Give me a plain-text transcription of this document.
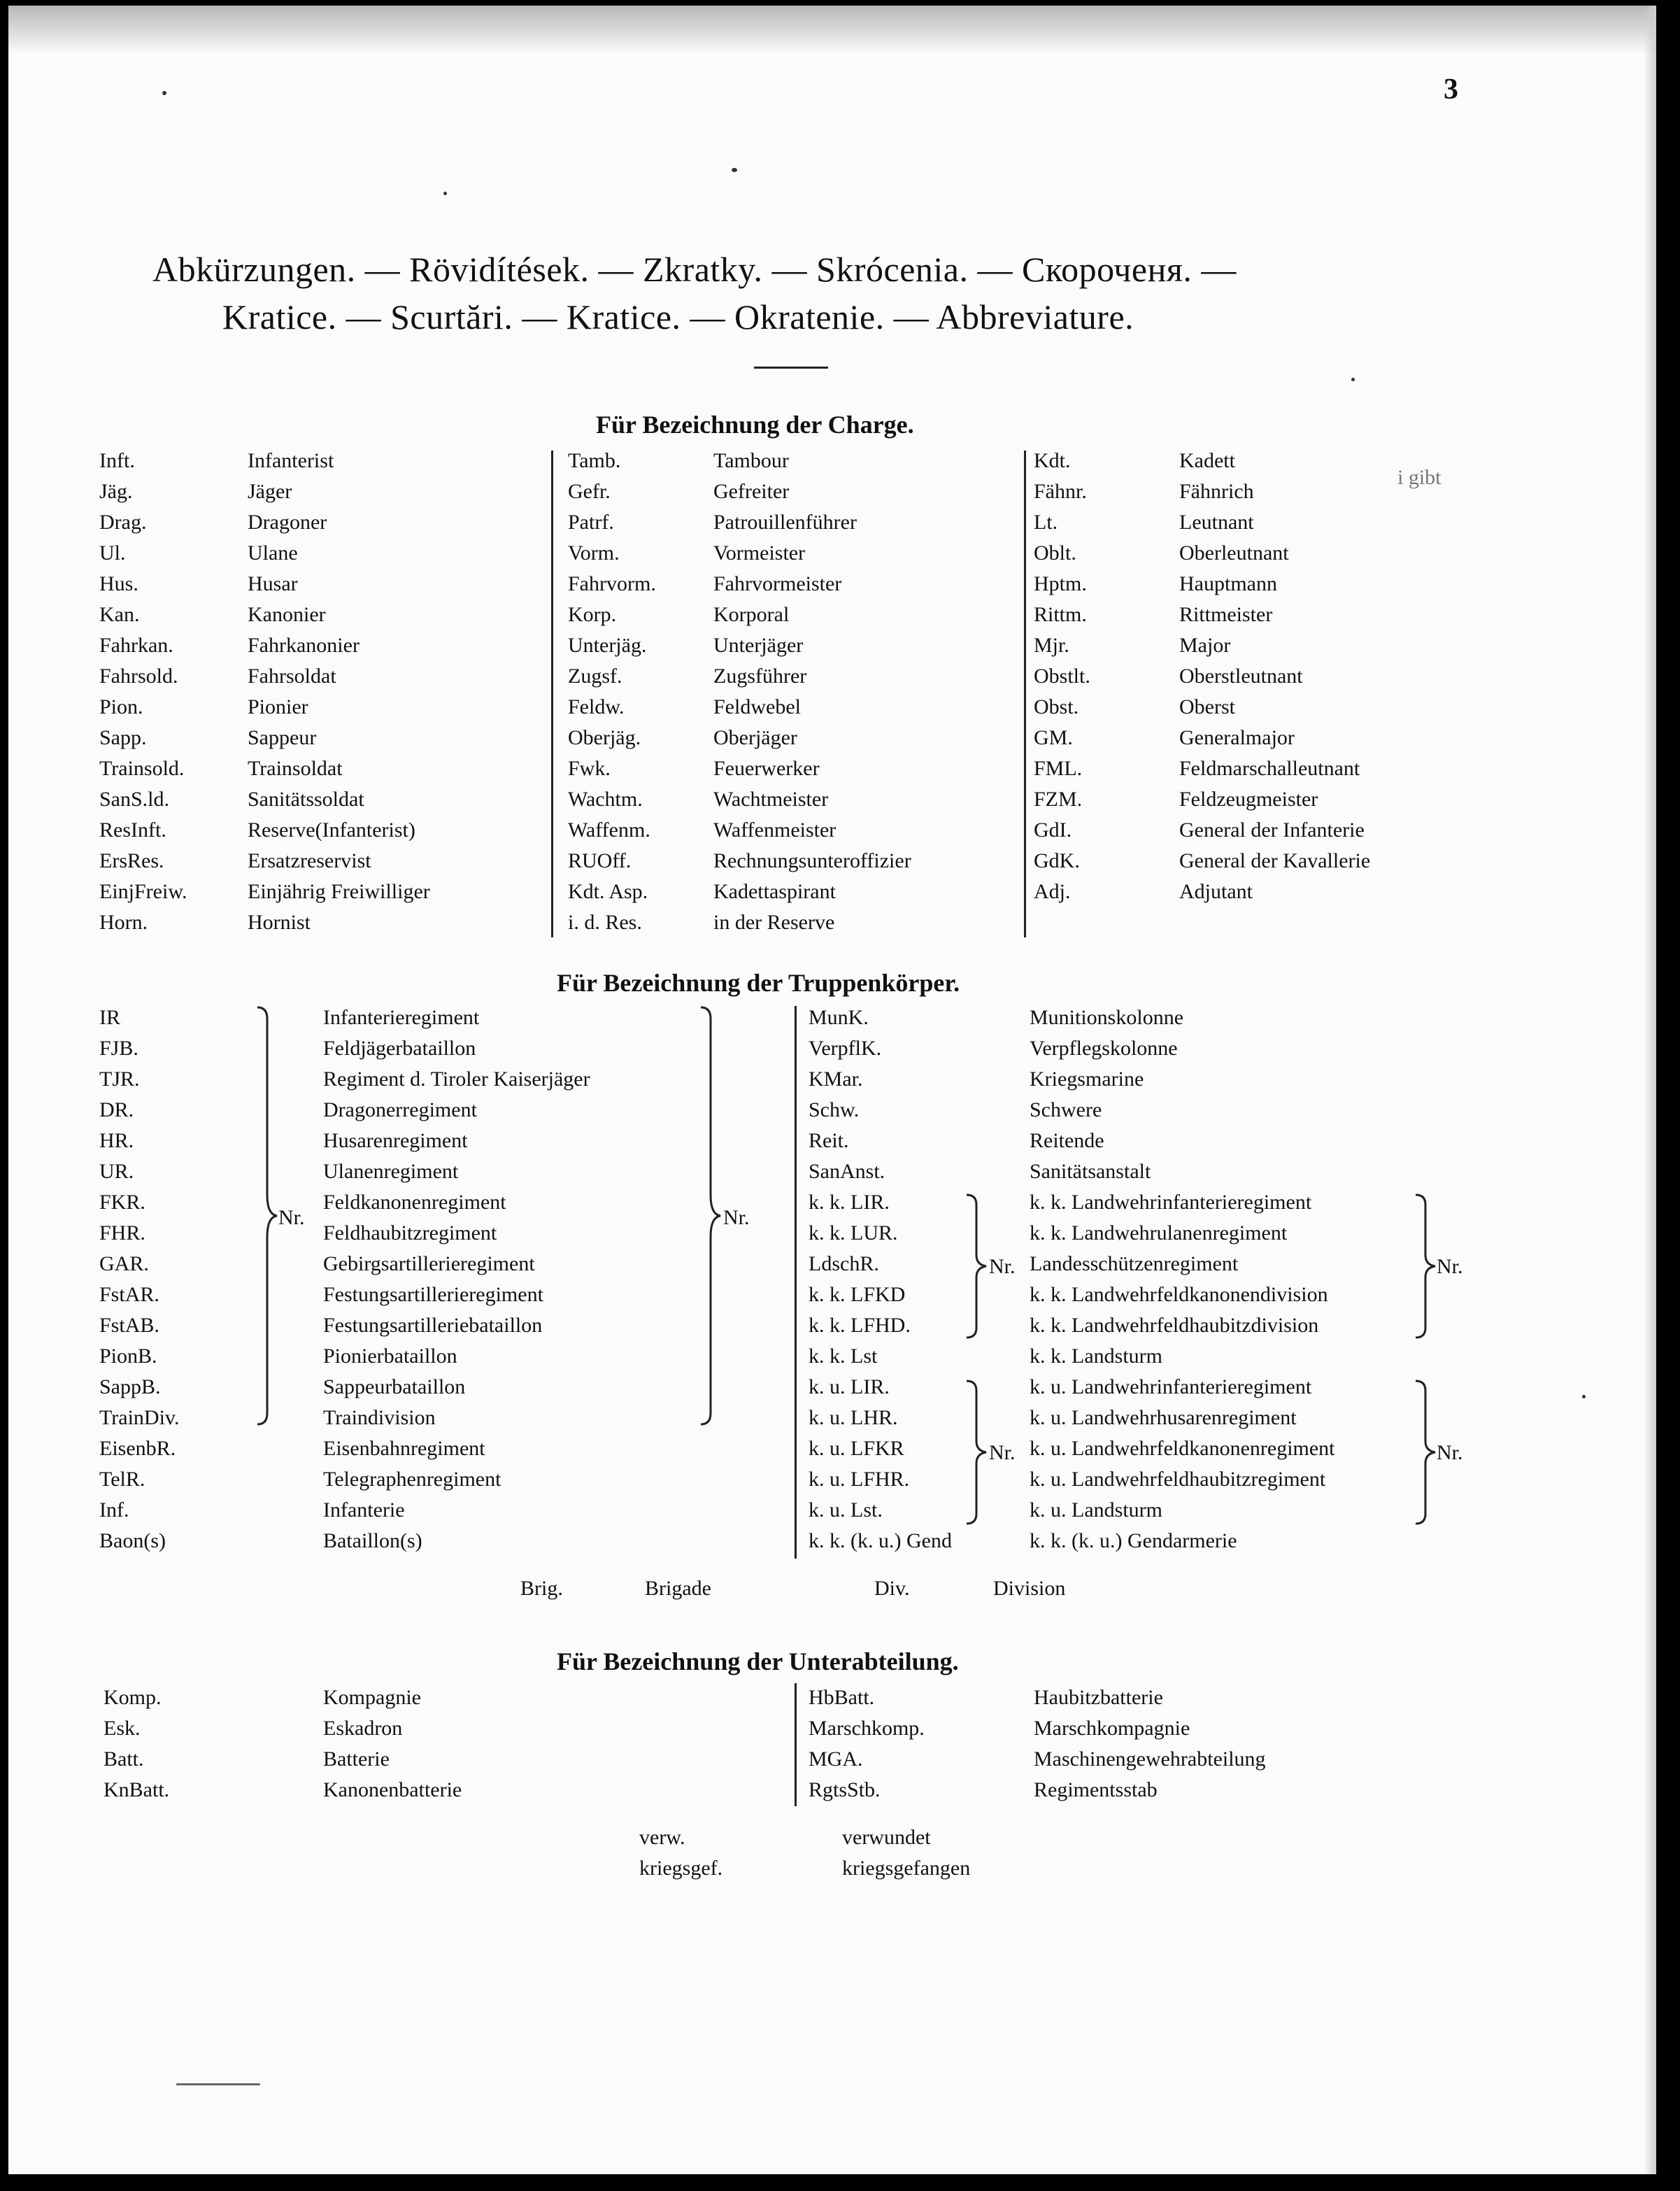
3
Abkürzungen. — Rövidítések. — Zkratky. — Skrócenia. — Скороченя. —
Kratice. — Scurtări. — Kratice. — Okratenie. — Abbreviature.
Für Bezeichnung der Charge.
Inft.	Infanterist
Jäg.	Jäger
Drag.	Dragoner
Ul.	Ulane
Hus.	Husar
Kan.	Kanonier
Fahrkan.	Fahrkanonier
Fahrsold.	Fahrsoldat
Pion.	Pionier
Sapp.	Sappeur
Trainsold.	Trainsoldat
SanS.ld.	Sanitätssoldat
ResInft.	Reserve(Infanterist)
ErsRes.	Ersatzreservist
EinjFreiw.	Einjährig Freiwilliger
Horn.	Hornist
Tamb.	Tambour
Gefr.	Gefreiter
Patrf.	Patrouillenführer
Vorm.	Vormeister
Fahrvorm.	Fahrvormeister
Korp.	Korporal
Unterjäg.	Unterjäger
Zugsf.	Zugsführer
Feldw.	Feldwebel
Oberjäg.	Oberjäger
Fwk.	Feuerwerker
Wachtm.	Wachtmeister
Waffenm.	Waffenmeister
RUOff.	Rechnungsunteroffizier
Kdt. Asp.	Kadettaspirant
i. d. Res.	in der Reserve
Kdt.	Kadett
Fähnr.	Fähnrich
Lt.	Leutnant
Oblt.	Oberleutnant
Hptm.	Hauptmann
Rittm.	Rittmeister
Mjr.	Major
Obstlt.	Oberstleutnant
Obst.	Oberst
GM.	Generalmajor
FML.	Feldmarschalleutnant
FZM.	Feldzeugmeister
GdI.	General der Infanterie
GdK.	General der Kavallerie
Adj.	Adjutant
i gibt
Für Bezeichnung der Truppenkörper.
IR	Infanterieregiment
FJB.	Feldjägerbataillon
TJR.	Regiment d. Tiroler Kaiserjäger
DR.	Dragonerregiment
HR.	Husarenregiment
UR.	Ulanenregiment
FKR.	Feldkanonenregiment
FHR.	Feldhaubitzregiment
GAR.	Gebirgsartillerieregiment
FstAR.	Festungsartillerieregiment
FstAB.	Festungsartilleriebataillon
PionB.	Pionierbataillon
SappB.	Sappeurbataillon
TrainDiv.	Traindivision
EisenbR.	Eisenbahnregiment
TelR.	Telegraphenregiment
Inf.	Infanterie
Baon(s)	Bataillon(s)
MunK.	Munitionskolonne
VerpflK.	Verpflegskolonne
KMar.	Kriegsmarine
Schw.	Schwere
Reit.	Reitende
SanAnst.	Sanitätsanstalt
k. k. LIR.	k. k. Landwehrinfanterieregiment
k. k. LUR.	k. k. Landwehrulanenregiment
LdschR.	Landesschützenregiment
k. k. LFKD	k. k. Landwehrfeldkanonendivision
k. k. LFHD.	k. k. Landwehrfeldhaubitzdivision
k. k. Lst	k. k. Landsturm
k. u. LIR.	k. u. Landwehrinfanterieregiment
k. u. LHR.	k. u. Landwehrhusarenregiment
k. u. LFKR	k. u. Landwehrfeldkanonenregiment
k. u. LFHR.	k. u. Landwehrfeldhaubitzregiment
k. u. Lst.	k. u. Landsturm
k. k. (k. u.) Gend	k. k. (k. u.) Gendarmerie
Nr.	Nr.
Nr.	Nr.
Nr.	Nr.
Brig.	Brigade	Div.	Division
Für Bezeichnung der Unterabteilung.
Komp.	Kompagnie
Esk.	Eskadron
Batt.	Batterie
KnBatt.	Kanonenbatterie
HbBatt.	Haubitzbatterie
Marschkomp.	Marschkompagnie
MGA.	Maschinengewehrabteilung
RgtsStb.	Regimentsstab
verw.	verwundet
kriegsgef.	kriegsgefangen
